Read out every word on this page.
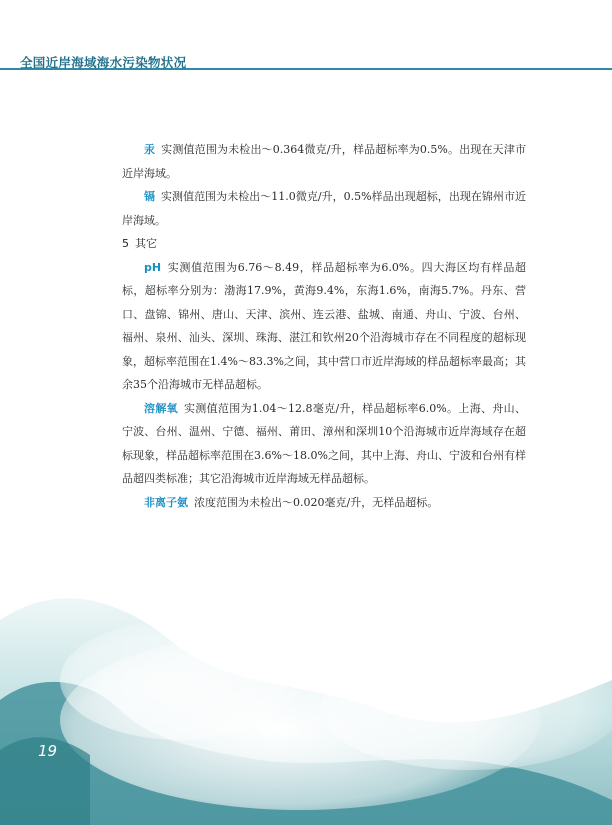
全国近岸海域海水污染物状况

汞 实测值范围为未检出～0.364微克/升，样品超标率为0.5%。出现在天津市近岸海域。

镉 实测值范围为未检出～11.0微克/升，0.5%样品出现超标，出现在锦州市近岸海域。

5 其它

pH 实测值范围为6.76～8.49，样品超标率为6.0%。四大海区均有样品超标，超标率分别为：渤海17.9%，黄海9.4%，东海1.6%，南海5.7%。丹东、营口、盘锦、锦州、唐山、天津、滨州、连云港、盐城、南通、舟山、宁波、台州、福州、泉州、汕头、深圳、珠海、湛江和钦州20个沿海城市存在不同程度的超标现象，超标率范围在1.4%～83.3%之间，其中营口市近岸海域的样品超标率最高；其余35个沿海城市无样品超标。

溶解氧 实测值范围为1.04～12.8毫克/升，样品超标率6.0%。上海、舟山、宁波、台州、温州、宁德、福州、莆田、漳州和深圳10个沿海城市近岸海域存在超标现象，样品超标率范围在3.6%～18.0%之间，其中上海、舟山、宁波和台州有样品超四类标准；其它沿海城市近岸海域无样品超标。

非离子氨 浓度范围为未检出～0.020毫克/升，无样品超标。

19
